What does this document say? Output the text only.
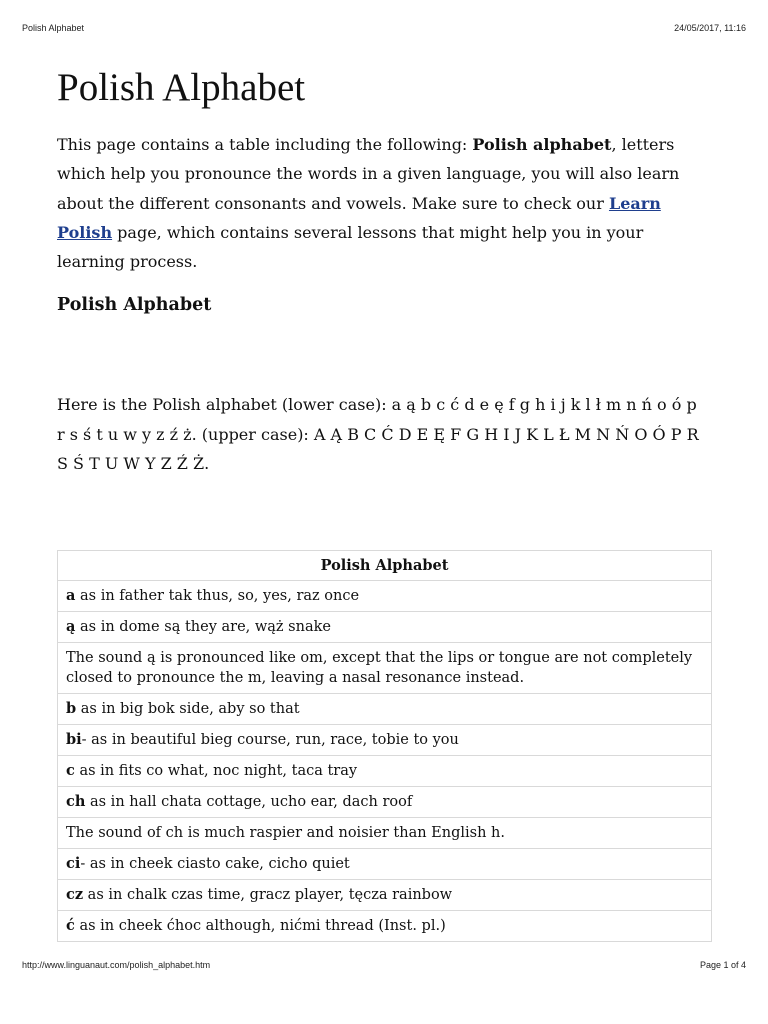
Polish Alphabet	24/05/2017, 11:16
Polish Alphabet

This page contains a table including the following: Polish alphabet, letters which help you pronounce the words in a given language, you will also learn about the different consonants and vowels. Make sure to check our Learn Polish page, which contains several lessons that might help you in your learning process.

Polish Alphabet

Here is the Polish alphabet (lower case): a ą b c ć d e ę f g h i j k l ł m n ń o ó p r s ś t u w y z ź ż. (upper case): A Ą B C Ć D E Ę F G H I J K L Ł M N Ń O Ó P R S Ś T U W Y Z Ź Ż.

Polish Alphabet
a as in father tak thus, so, yes, raz once
ą as in dome są they are, wąż snake
The sound ą is pronounced like om, except that the lips or tongue are not completely closed to pronounce the m, leaving a nasal resonance instead.
b as in big bok side, aby so that
bi- as in beautiful bieg course, run, race, tobie to you
c as in fits co what, noc night, taca tray
ch as in hall chata cottage, ucho ear, dach roof
The sound of ch is much raspier and noisier than English h.
ci- as in cheek ciasto cake, cicho quiet
cz as in chalk czas time, gracz player, tęcza rainbow
ć as in cheek ćhoc although, nićmi thread (Inst. pl.)
http://www.linguanaut.com/polish_alphabet.htm	Page 1 of 4
